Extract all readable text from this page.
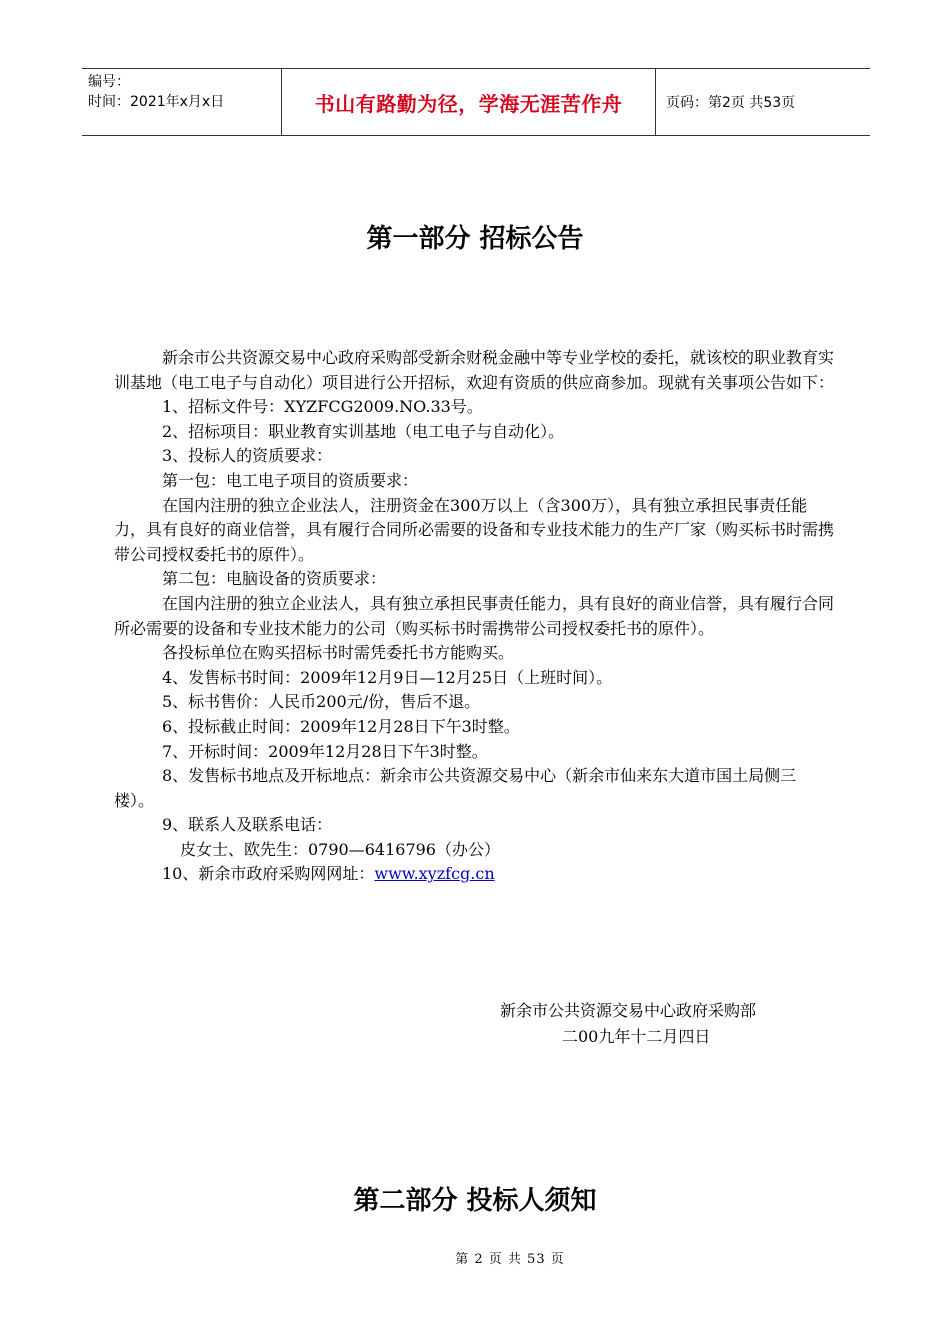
编号：
时间：2021年x月x日	书山有路勤为径，学海无涯苦作舟	页码：第2页 共53页
第一部分 招标公告

新余市公共资源交易中心政府采购部受新余财税金融中等专业学校的委托，就该校的职业教育实训基地（电工电子与自动化）项目进行公开招标，欢迎有资质的供应商参加。现就有关事项公告如下：

1、招标文件号：XYZFCG2009.NO.33号。

2、招标项目：职业教育实训基地（电工电子与自动化）。

3、投标人的资质要求：

第一包：电工电子项目的资质要求：

在国内注册的独立企业法人，注册资金在300万以上（含300万），具有独立承担民事责任能力，具有良好的商业信誉，具有履行合同所必需要的设备和专业技术能力的生产厂家（购买标书时需携带公司授权委托书的原件）。

第二包：电脑设备的资质要求：

在国内注册的独立企业法人，具有独立承担民事责任能力，具有良好的商业信誉，具有履行合同所必需要的设备和专业技术能力的公司（购买标书时需携带公司授权委托书的原件）。

各投标单位在购买招标书时需凭委托书方能购买。

4、发售标书时间：2009年12月9日—12月25日（上班时间）。

5、标书售价：人民币200元/份，售后不退。

6、投标截止时间：2009年12月28日下午3时整。

7、开标时间：2009年12月28日下午3时整。

8、发售标书地点及开标地点：新余市公共资源交易中心（新余市仙来东大道市国土局侧三楼）。

9、联系人及联系电话：

皮女士、欧先生：0790—6416796（办公）

10、新余市政府采购网网址：www.xyzfcg.cn

新余市公共资源交易中心政府采购部
二00九年十二月四日
第二部分 投标人须知
第 2 页 共 53 页
